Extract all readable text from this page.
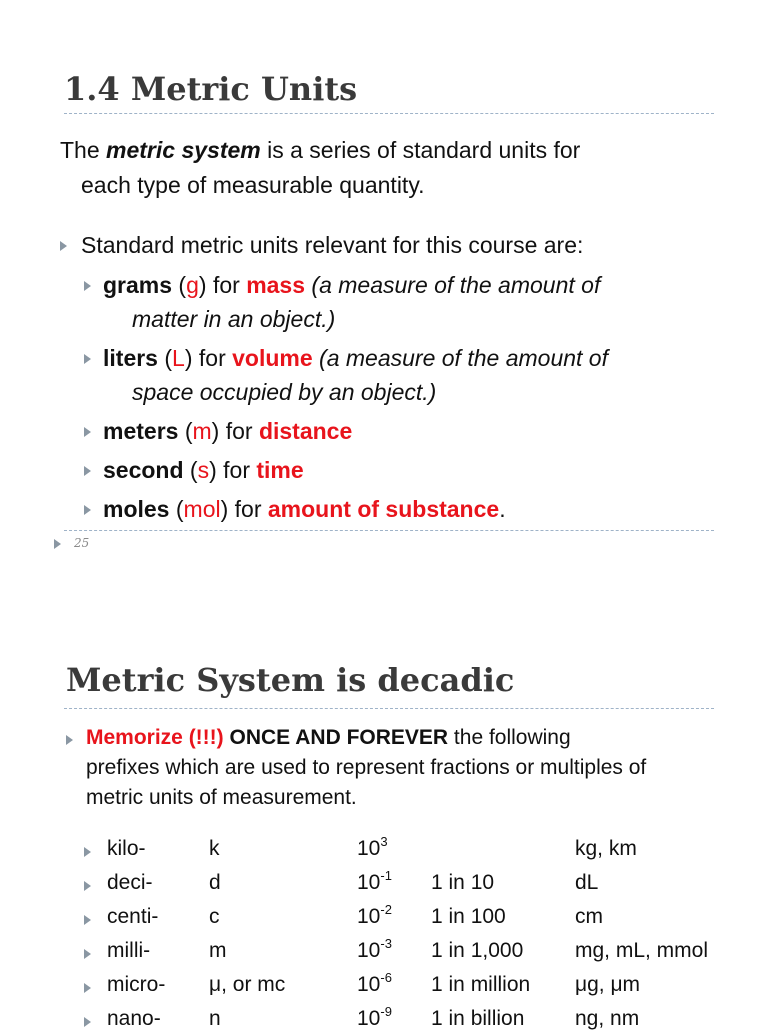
1.4 Metric Units
The metric system is a series of standard units for
each type of measurable quantity.
Standard metric units relevant for this course are:
grams (g) for mass (a measure of the amount of
matter in an object.)
liters (L) for volume (a measure of the amount of
space occupied by an object.)
meters (m) for distance
second (s) for time
moles (mol) for amount of substance.
25
Metric System is decadic
Memorize (!!!) ONCE AND FOREVER the following
prefixes which are used to represent fractions or multiples of
metric units of measurement.
kilo-	k	$10^3$	kg, km
deci-	d	$10^{-1}$ 1 in 10	dL
centi- c	$10^{-2}$ 1 in 100	cm
milli-	m	$10^{-3}$ 1 in 1,000 mg, mL, mmol
micro- μ, or mc	$10^{-6}$ 1 in million μg, μm
nano- n	$10^{-9}$ 1 in billion ng, nm
